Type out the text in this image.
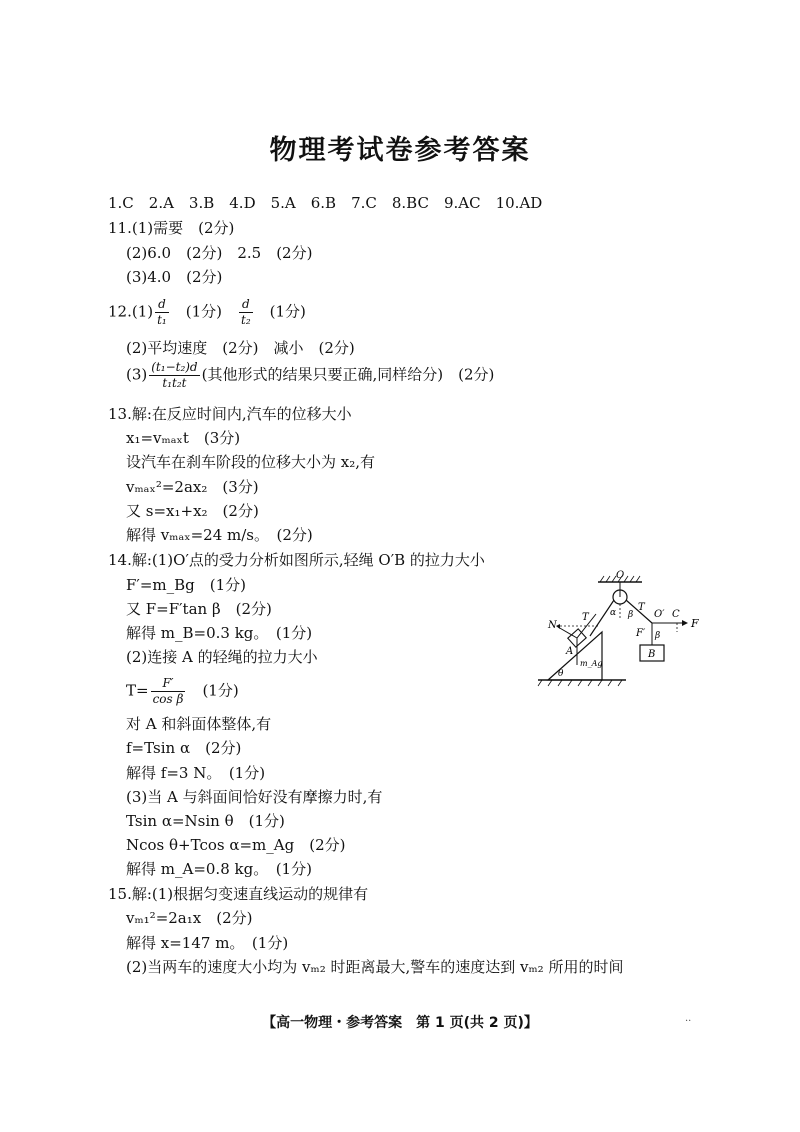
物理考试卷参考答案
1.C　2.A　3.B　4.D　5.A　6.B　7.C　8.BC　9.AC　10.AD
11.(1)需要　(2分)
(2)6.0　(2分)　2.5　(2分)
(3)4.0　(2分)
$12.(1) \frac{d}{\text{t₁}}$ 　(1分)　 $\frac{d}{\text{t₂}}$ 　(1分)
(2)平均速度　(2分)　减小　(2分)
$(3) \frac{\text{(t₁−t₂)d}}{\text{t₁t₂t}}$ (其他形式的结果只要正确,同样给分)　(2分)
13.解:在反应时间内,汽车的位移大小
x₁=vₘₐₓt　(3分)
设汽车在刹车阶段的位移大小为 x₂,有
vₘₐₓ²=2ax₂　(3分)
又 s=x₁+x₂　(2分)
解得 vₘₐₓ=24 m/s。　(2分)
14.解:(1)O′点的受力分析如图所示,轻绳 O′B 的拉力大小
F′=m_Bg　(1分)
又 F=F′tan β　(2分)
解得 m_B=0.3 kg。　(1分)
(2)连接 A 的轻绳的拉力大小
$T= \frac{F'}{\text{cos β}}$ 　(1分)
对 A 和斜面体整体,有
f=Tsin α　(2分)
解得 f=3 N。　(1分)
(3)当 A 与斜面间恰好没有摩擦力时,有
Tsin α=Nsin θ　(1分)
Ncos θ+Tcos α=m_Ag　(2分)
解得 m_A=0.8 kg。　(1分)
15.解:(1)根据匀变速直线运动的规律有
vₘ₁²=2a₁x　(2分)
解得 x=147 m。　(1分)
(2)当两车的速度大小均为 vₘ₂ 时距离最大,警车的速度达到 vₘ₂ 所用的时间
O
T
α β O′ C
F
N
T
A
θ
m_Ag
F′ β
B
【高一物理・参考答案　第 1 页(共 2 页)】	··
